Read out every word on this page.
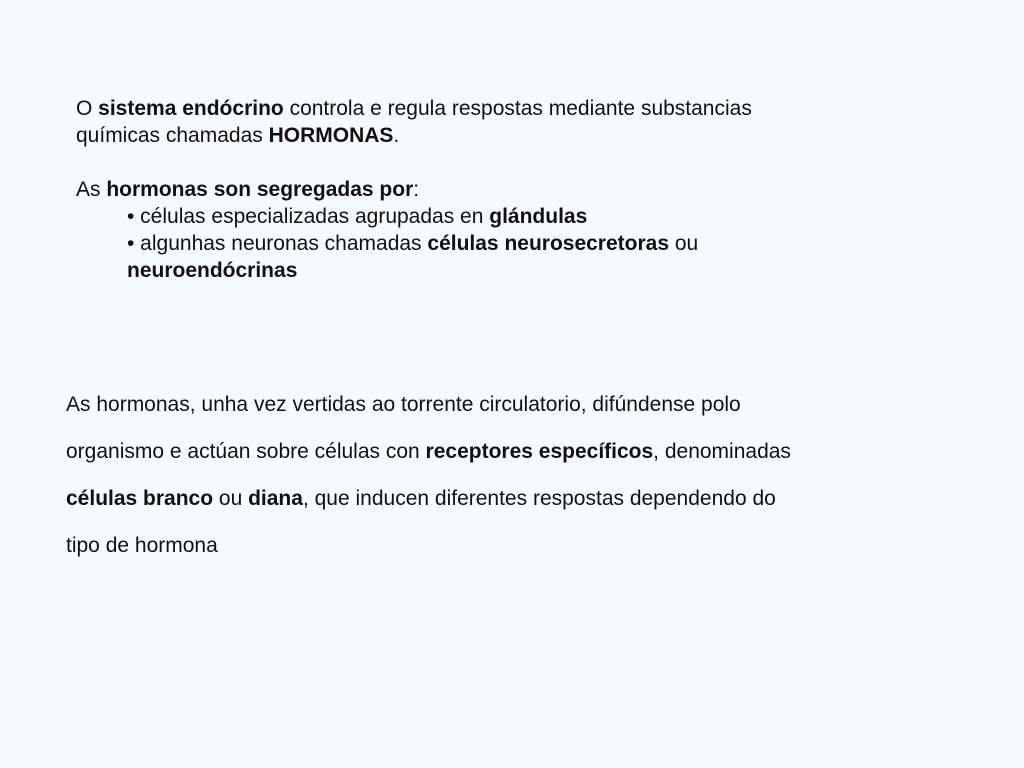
O sistema endócrino controla e regula respostas mediante substancias

químicas chamadas HORMONAS.

As hormonas son segregadas por:

• células especializadas agrupadas en glándulas

• algunhas neuronas chamadas células neurosecretoras ou

neuroendócrinas

As hormonas, unha vez vertidas ao torrente circulatorio, difúndense polo

organismo e actúan sobre células con receptores específicos, denominadas

células branco ou diana, que inducen diferentes respostas dependendo do

tipo de hormona
